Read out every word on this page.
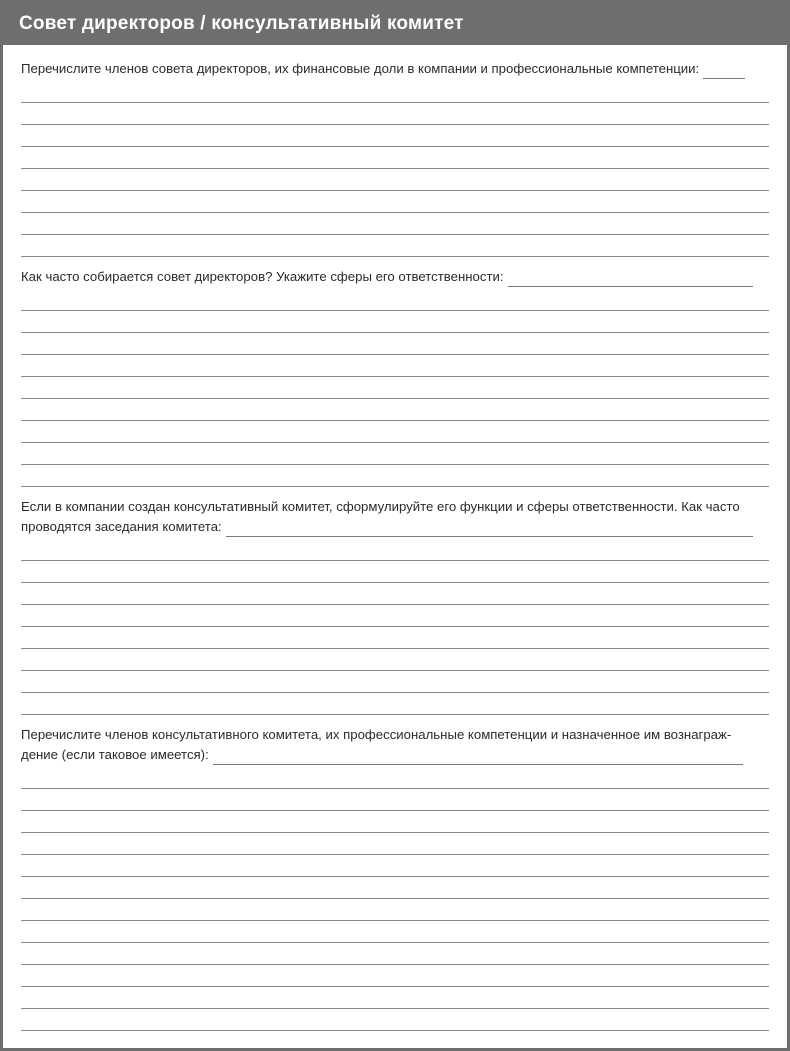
Совет директоров / консультативный комитет
Перечислите членов совета директоров, их финансовые доли в компании и профессиональные компетенции:
Как часто собирается совет директоров? Укажите сферы его ответственности:
Если в компании создан консультативный комитет, сформулируйте его функции и сферы ответственности. Как часто
проводятся заседания комитета:
Перечислите членов консультативного комитета, их профессиональные компетенции и назначенное им вознаграж-
дение (если таковое имеется):
